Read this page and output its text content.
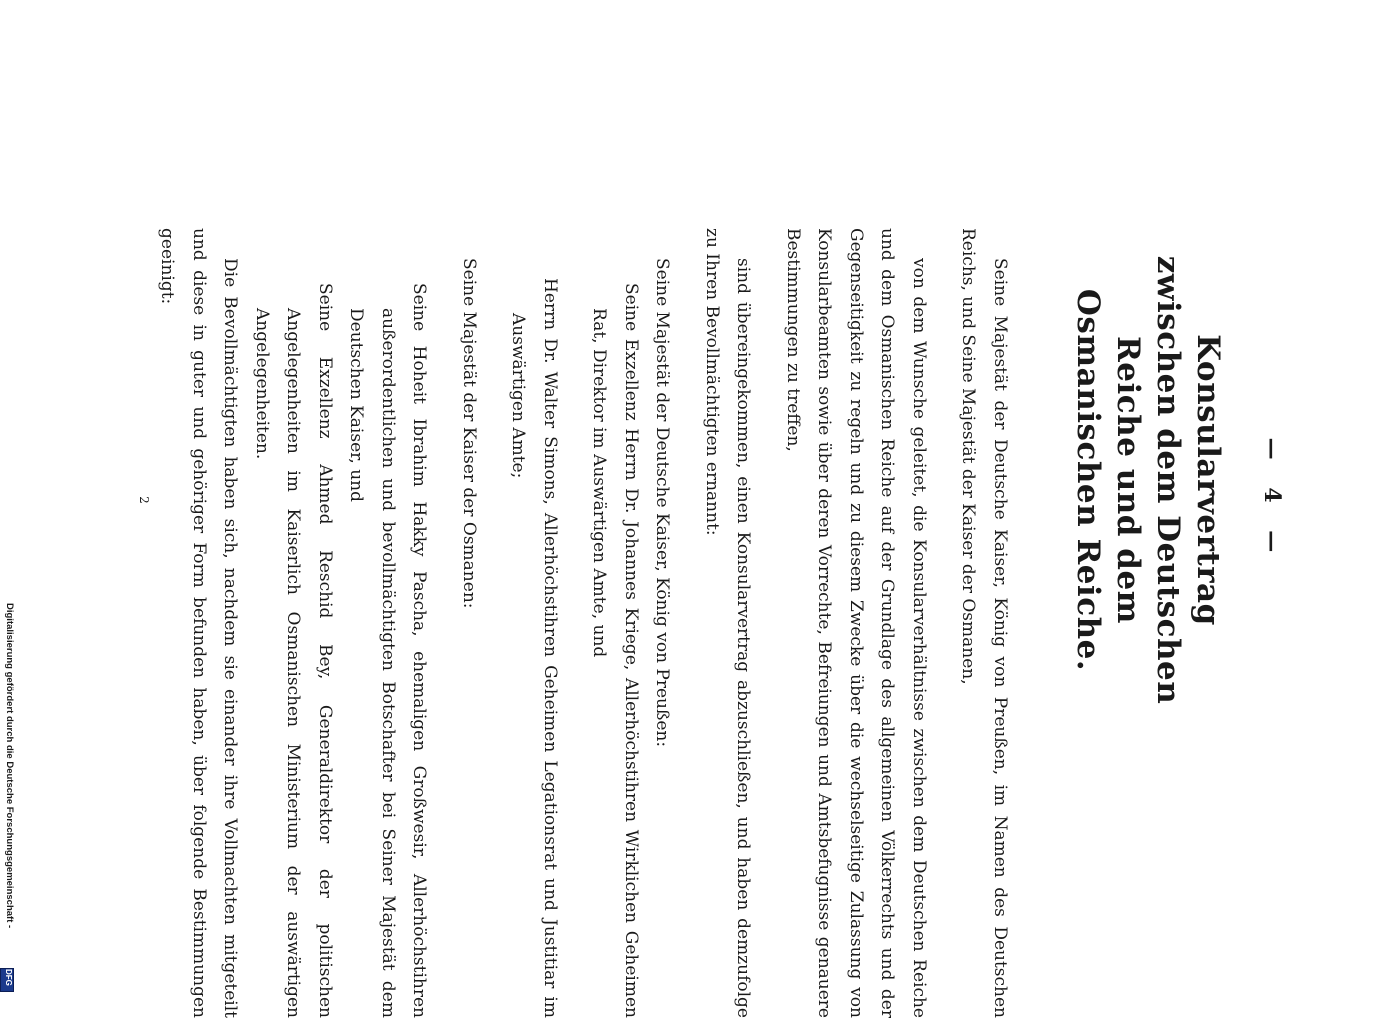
— 4 —
Konsularvertrag
zwischen dem Deutschen Reiche und dem
Osmanischen Reiche.

Seine Majestät der Deutsche Kaiser, König von Preußen, im Namen des Deutschen Reichs, und Seine Majestät der Kaiser der Osmanen,

von dem Wunsche geleitet, die Konsularverhältnisse zwischen dem Deutschen Reiche und dem Osmanischen Reiche auf der Grundlage des allgemeinen Völkerrechts und der Gegenseitigkeit zu regeln und zu diesem Zwecke über die wechselseitige Zulassung von Konsularbeamten sowie über deren Vorrechte, Befreiungen und Amtsbefugnisse genauere Bestimmungen zu treffen,

sind übereingekommen, einen Konsularvertrag abzuschließen, und haben demzufolge zu Ihren Bevollmächtigten ernannt:

Seine Majestät der Deutsche Kaiser, König von Preußen:

Seine Exzellenz Herrn Dr. Johannes Kriege, Allerhöchstihren Wirklichen Geheimen Rat, Direktor im Auswärtigen Amte, und

Herrn Dr. Walter Simons, Allerhöchstihren Geheimen Legationsrat und Justitiar im Auswärtigen Amte;

Seine Majestät der Kaiser der Osmanen:

Seine Hoheit Ibrahim Hakky Pascha, ehemaligen Großwesir, Allerhöchstihren außerordentlichen und bevollmächtigten Botschafter bei Seiner Majestät dem Deutschen Kaiser, und

Seine Exzellenz Ahmed Reschid Bey, Generaldirektor der politischen Angelegenheiten im Kaiserlich Osmanischen Ministerium der auswärtigen Angelegenheiten.

Die Bevollmächtigten haben sich, nachdem sie einander ihre Vollmachten mitgeteilt und diese in guter und gehöriger Form befunden haben, über folgende Bestimmungen geeinigt:

2
Digitalisierung gefördert durch die Deutsche Forschungsgemeinschaft -
DFG
